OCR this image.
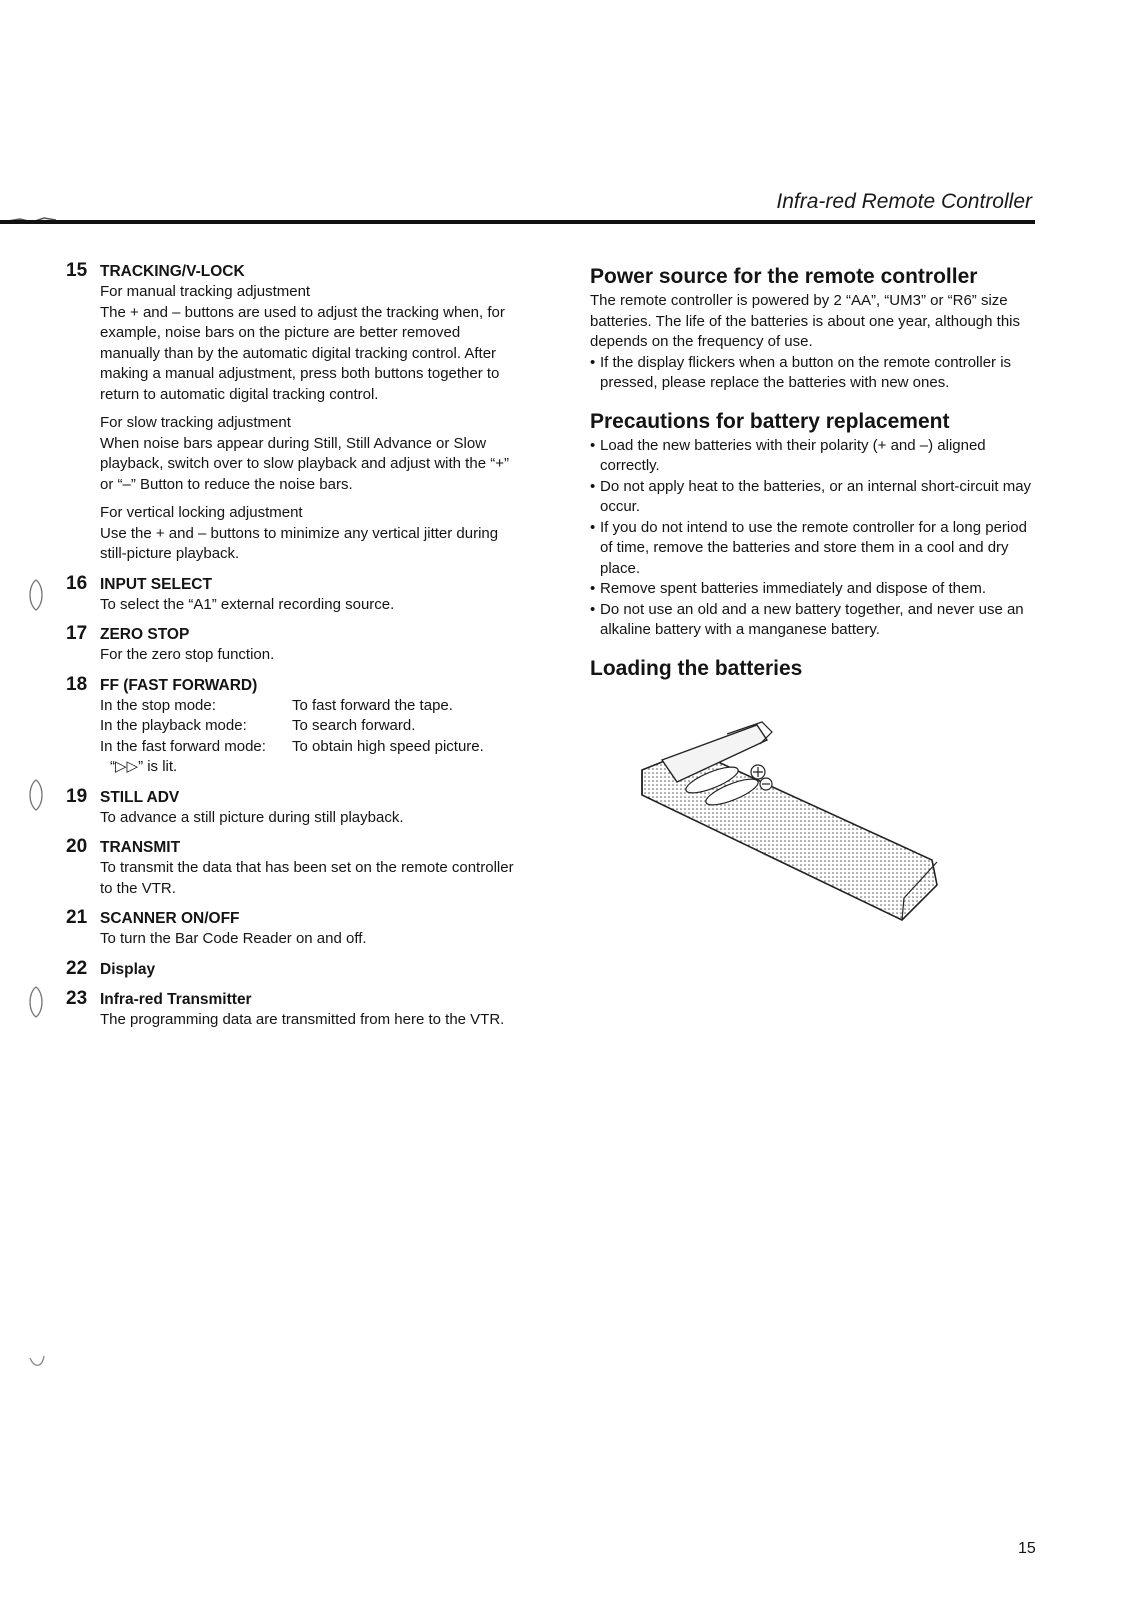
Infra-red Remote Controller
15 TRACKING/V-LOCK
For manual tracking adjustment
The + and – buttons are used to adjust the tracking when, for example, noise bars on the picture are better removed manually than by the automatic digital tracking control. After making a manual adjustment, press both buttons together to return to automatic digital tracking control.
For slow tracking adjustment
When noise bars appear during Still, Still Advance or Slow playback, switch over to slow playback and adjust with the “+” or “–” Button to reduce the noise bars.
For vertical locking adjustment
Use the + and – buttons to minimize any vertical jitter during still-picture playback.
16 INPUT SELECT
To select the “A1” external recording source.
17 ZERO STOP
For the zero stop function.
18 FF (FAST FORWARD)
In the stop mode:	To fast forward the tape.
In the playback mode:	To search forward.
In the fast forward mode:	To obtain high speed picture.
“▷▷” is lit.
19 STILL ADV
To advance a still picture during still playback.
20 TRANSMIT
To transmit the data that has been set on the remote controller to the VTR.
21 SCANNER ON/OFF
To turn the Bar Code Reader on and off.
22 Display
23 Infra-red Transmitter
The programming data are transmitted from here to the VTR.
Power source for the remote controller
The remote controller is powered by 2 “AA”, “UM3” or “R6” size batteries. The life of the batteries is about one year, although this depends on the frequency of use.
• If the display flickers when a button on the remote controller is pressed, please replace the batteries with new ones.
Precautions for battery replacement
• Load the new batteries with their polarity (+ and –) aligned correctly.
• Do not apply heat to the batteries, or an internal short-circuit may occur.
• If you do not intend to use the remote controller for a long period of time, remove the batteries and store them in a cool and dry place.
• Remove spent batteries immediately and dispose of them.
• Do not use an old and a new battery together, and never use an alkaline battery with a manganese battery.
Loading the batteries
15
